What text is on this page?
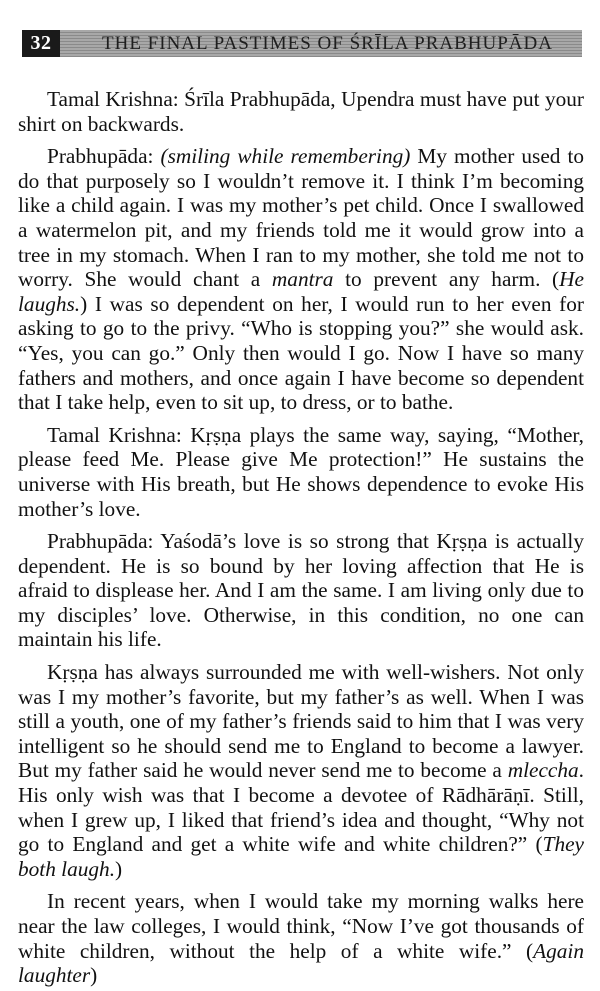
32	THE FINAL PASTIMES OF ŚRĪLA PRABHUPĀDA

Tamal Krishna: Śrīla Prabhupāda, Upendra must have put your shirt on backwards.

Prabhupāda: (smiling while remembering) My mother used to do that purposely so I wouldn’t remove it. I think I’m becoming like a child again. I was my mother’s pet child. Once I swallowed a watermelon pit, and my friends told me it would grow into a tree in my stomach. When I ran to my mother, she told me not to worry. She would chant a mantra to prevent any harm. (He laughs.) I was so dependent on her, I would run to her even for asking to go to the privy. “Who is stopping you?” she would ask. “Yes, you can go.” Only then would I go. Now I have so many fathers and mothers, and once again I have become so dependent that I take help, even to sit up, to dress, or to bathe.

Tamal Krishna: Kṛṣṇa plays the same way, saying, “Mother, please feed Me. Please give Me protection!” He sustains the universe with His breath, but He shows dependence to evoke His mother’s love.

Prabhupāda: Yaśodā’s love is so strong that Kṛṣṇa is actually dependent. He is so bound by her loving affection that He is afraid to displease her. And I am the same. I am living only due to my disciples’ love. Otherwise, in this condition, no one can maintain his life.

Kṛṣṇa has always surrounded me with well-wishers. Not only was I my mother’s favorite, but my father’s as well. When I was still a youth, one of my father’s friends said to him that I was very intelligent so he should send me to England to become a lawyer. But my father said he would never send me to become a mleccha. His only wish was that I become a devotee of Rādhārāṇī. Still, when I grew up, I liked that friend’s idea and thought, “Why not go to England and get a white wife and white children?” (They both laugh.)

In recent years, when I would take my morning walks here near the law colleges, I would think, “Now I’ve got thousands of white children, without the help of a white wife.” (Again laughter)
